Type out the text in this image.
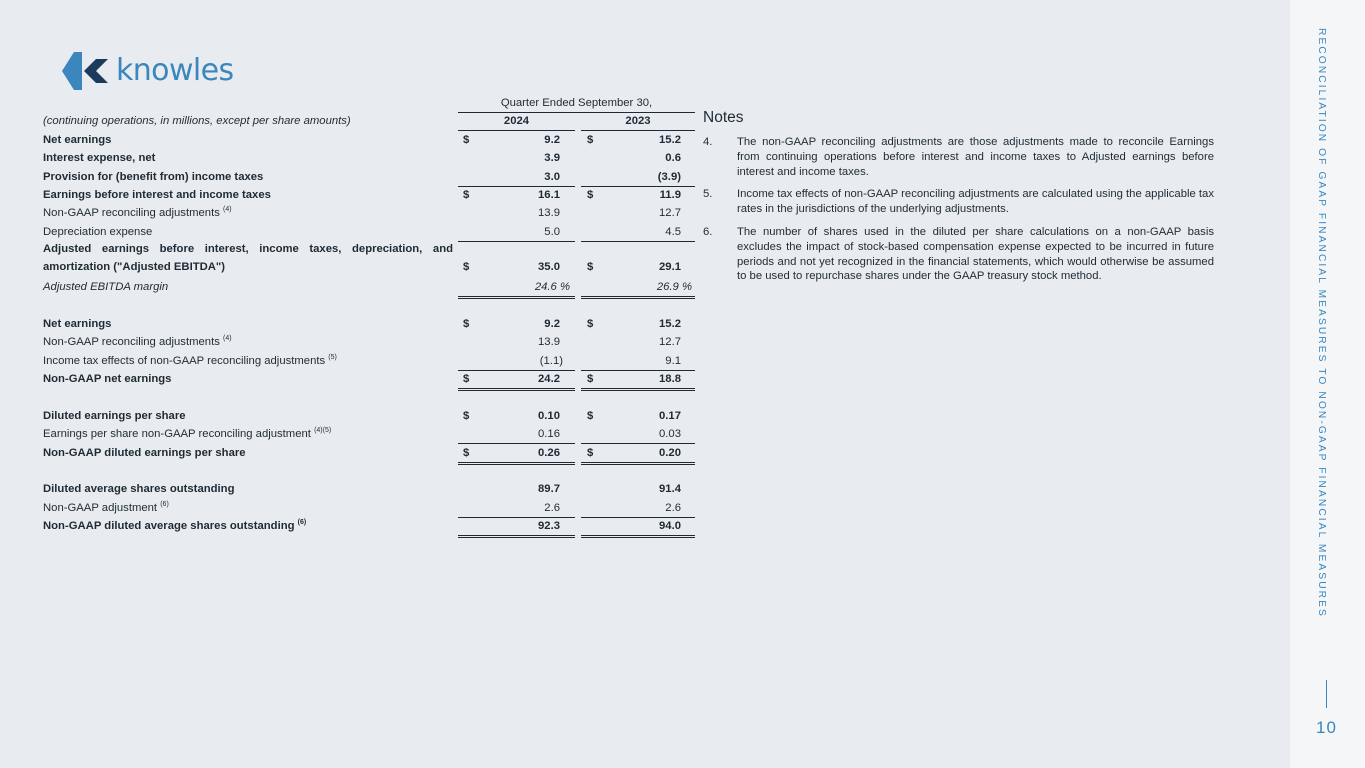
knowles
Quarter Ended September 30,
(continuing operations, in millions, except per share amounts)	2024	2023
Net earnings	$	9.2 $	15.2
Interest expense, net	3.9	0.6
Provision for (benefit from) income taxes	3.0	(3.9)
Earnings before interest and income taxes	$	16.1 $	11.9
Non-GAAP reconciling adjustments $^{(4)}$	13.9	12.7
Depreciation expense	5.0	4.5
Adjusted earnings before interest, income taxes, depreciation, and amortization ("Adjusted EBITDA")	$	35.0 $	29.1
Adjusted EBITDA margin	24.6 %	26.9 %
Net earnings	$	9.2 $	15.2
Non-GAAP reconciling adjustments $^{(4)}$	13.9	12.7
Income tax effects of non-GAAP reconciling adjustments $^{(5)}$	(1.1)	9.1
Non-GAAP net earnings	$	24.2 $	18.8
Diluted earnings per share	$	0.10 $	0.17
Earnings per share non-GAAP reconciling adjustment $^{(4)(5)}$	0.16	0.03
Non-GAAP diluted earnings per share	$	0.26 $	0.20
Diluted average shares outstanding	89.7	91.4
Non-GAAP adjustment $^{(6)}$	2.6	2.6
Non-GAAP diluted average shares outstanding $^{(6)}$	92.3	94.0
Notes
4. The non-GAAP reconciling adjustments are those adjustments made to reconcile Earnings from continuing operations before interest and income taxes to Adjusted earnings before interest and income taxes.
5. Income tax effects of non-GAAP reconciling adjustments are calculated using the applicable tax rates in the jurisdictions of the underlying adjustments.
6. The number of shares used in the diluted per share calculations on a non-GAAP basis excludes the impact of stock-based compensation expense expected to be incurred in future periods and not yet recognized in the financial statements, which would otherwise be assumed to be used to repurchase shares under the GAAP treasury stock method.	RECONCILIATION OF GAAP FINANCIAL MEASURES TO NON-GAAP FINANCIAL MEASURES
10
